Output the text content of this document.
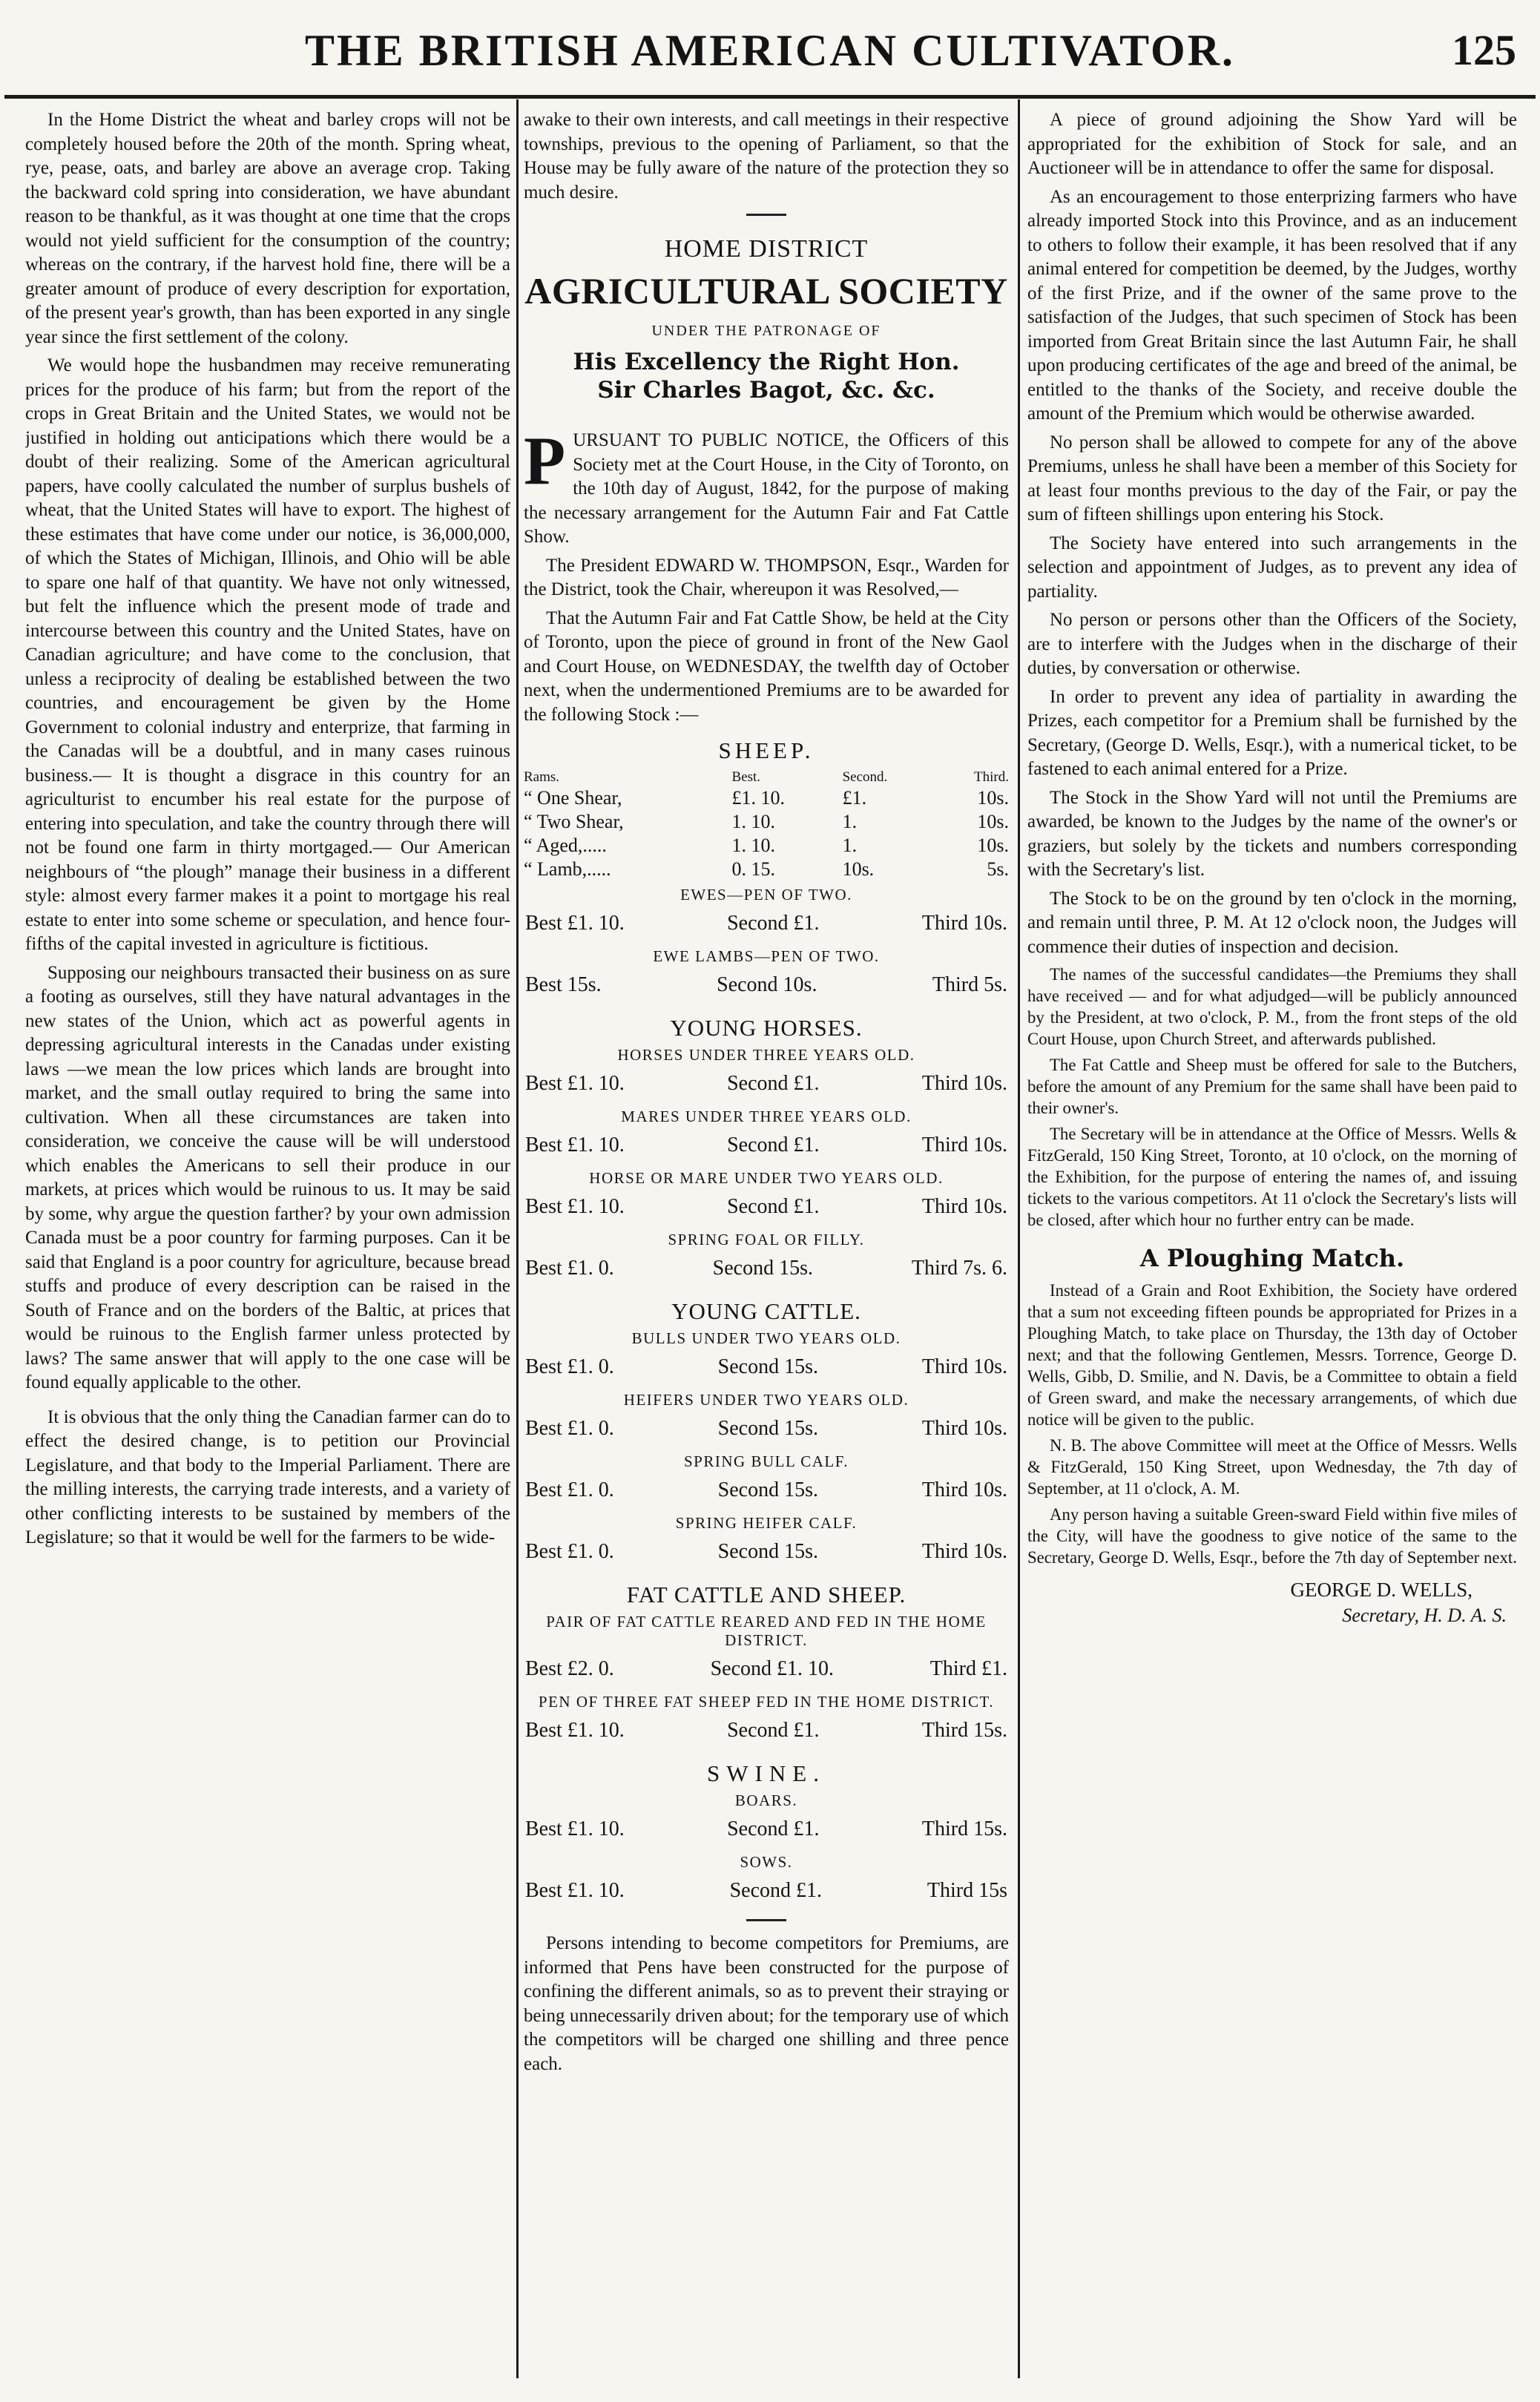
THE BRITISH AMERICAN CULTIVATOR.	125

In the Home District the wheat and barley crops will not be completely housed before the 20th of the month. Spring wheat, rye, pease, oats, and barley are above an average crop. Taking the backward cold spring into consideration, we have abundant reason to be thankful, as it was thought at one time that the crops would not yield sufficient for the consumption of the country; whereas on the contrary, if the harvest hold fine, there will be a greater amount of produce of every description for exportation, of the present year's growth, than has been exported in any single year since the first settlement of the colony.

We would hope the husbandmen may receive remunerating prices for the produce of his farm; but from the report of the crops in Great Britain and the United States, we would not be justified in holding out anticipations which there would be a doubt of their realizing. Some of the American agricultural papers, have coolly calculated the number of surplus bushels of wheat, that the United States will have to export. The highest of these estimates that have come under our notice, is 36,000,000, of which the States of Michigan, Illinois, and Ohio will be able to spare one half of that quantity. We have not only witnessed, but felt the influence which the present mode of trade and intercourse between this country and the United States, have on Canadian agriculture; and have come to the conclusion, that unless a reciprocity of dealing be established between the two countries, and encouragement be given by the Home Government to colonial industry and enterprize, that farming in the Canadas will be a doubtful, and in many cases ruinous business.— It is thought a disgrace in this country for an agriculturist to encumber his real estate for the purpose of entering into speculation, and take the country through there will not be found one farm in thirty mortgaged.— Our American neighbours of “the plough” manage their business in a different style: almost every farmer makes it a point to mortgage his real estate to enter into some scheme or speculation, and hence four-fifths of the capital invested in agriculture is fictitious.

Supposing our neighbours transacted their business on as sure a footing as ourselves, still they have natural advantages in the new states of the Union, which act as powerful agents in depressing agricultural interests in the Canadas under existing laws —we mean the low prices which lands are brought into market, and the small outlay required to bring the same into cultivation. When all these circumstances are taken into consideration, we conceive the cause will be will understood which enables the Americans to sell their produce in our markets, at prices which would be ruinous to us. It may be said by some, why argue the question farther? by your own admission Canada must be a poor country for farming purposes. Can it be said that England is a poor country for agriculture, because bread stuffs and produce of every description can be raised in the South of France and on the borders of the Baltic, at prices that would be ruinous to the English farmer unless protected by laws? The same answer that will apply to the one case will be found equally applicable to the other.

It is obvious that the only thing the Canadian farmer can do to effect the desired change, is to petition our Provincial Legislature, and that body to the Imperial Parliament. There are the milling interests, the carrying trade interests, and a variety of other conflicting interests to be sustained by members of the Legislature; so that it would be well for the farmers to be wide-

awake to their own interests, and call meetings in their respective townships, previous to the opening of Parliament, so that the House may be fully aware of the nature of the protection they so much desire.

HOME DISTRICT
AGRICULTURAL SOCIETY
UNDER THE PATRONAGE OF
His Excellency the Right Hon.
Sir Charles Bagot, &c. &c.

PURSUANT TO PUBLIC NOTICE, the Officers of this Society met at the Court House, in the City of Toronto, on the 10th day of August, 1842, for the purpose of making the necessary arrangement for the Autumn Fair and Fat Cattle Show.

The President EDWARD W. THOMPSON, Esqr., Warden for the District, took the Chair, whereupon it was Resolved,—

That the Autumn Fair and Fat Cattle Show, be held at the City of Toronto, upon the piece of ground in front of the New Gaol and Court House, on WEDNESDAY, the twelfth day of October next, when the undermentioned Premiums are to be awarded for the following Stock :—

SHEEP.
Rams.	Best.	Second.	Third.
“ One Shear,	£1. 10.	£1.	10s.
“ Two Shear,	1. 10.	1.	10s.
“ Aged,.....	1. 10.	1.	10s.
“ Lamb,.....	0. 15.	10s.	5s.
EWES—PEN OF TWO.
Best £1. 10.	Second £1.	Third 10s.
EWE LAMBS—PEN OF TWO.
Best 15s.	Second 10s.	Third 5s.
YOUNG HORSES.
HORSES UNDER THREE YEARS OLD.
Best £1. 10.	Second £1.	Third 10s.
MARES UNDER THREE YEARS OLD.
Best £1. 10.	Second £1.	Third 10s.
HORSE OR MARE UNDER TWO YEARS OLD.
Best £1. 10.	Second £1.	Third 10s.
SPRING FOAL OR FILLY.
Best £1. 0.	Second 15s.	Third 7s. 6.
YOUNG CATTLE.
BULLS UNDER TWO YEARS OLD.
Best £1. 0.	Second 15s.	Third 10s.
HEIFERS UNDER TWO YEARS OLD.
Best £1. 0.	Second 15s.	Third 10s.
SPRING BULL CALF.
Best £1. 0.	Second 15s.	Third 10s.
SPRING HEIFER CALF.
Best £1. 0.	Second 15s.	Third 10s.
FAT CATTLE AND SHEEP.
PAIR OF FAT CATTLE REARED AND FED IN THE HOME DISTRICT.
Best £2. 0.	Second £1. 10.	Third £1.
PEN OF THREE FAT SHEEP FED IN THE HOME DISTRICT.
Best £1. 10.	Second £1.	Third 15s.
SWINE.
BOARS.
Best £1. 10.	Second £1.	Third 15s.
SOWS.
Best £1. 10.	Second £1.	Third 15s

Persons intending to become competitors for Premiums, are informed that Pens have been constructed for the purpose of confining the different animals, so as to prevent their straying or being unnecessarily driven about; for the temporary use of which the competitors will be charged one shilling and three pence each.

A piece of ground adjoining the Show Yard will be appropriated for the exhibition of Stock for sale, and an Auctioneer will be in attendance to offer the same for disposal.

As an encouragement to those enterprizing farmers who have already imported Stock into this Province, and as an inducement to others to follow their example, it has been resolved that if any animal entered for competition be deemed, by the Judges, worthy of the first Prize, and if the owner of the same prove to the satisfaction of the Judges, that such specimen of Stock has been imported from Great Britain since the last Autumn Fair, he shall upon producing certificates of the age and breed of the animal, be entitled to the thanks of the Society, and receive double the amount of the Premium which would be otherwise awarded.

No person shall be allowed to compete for any of the above Premiums, unless he shall have been a member of this Society for at least four months previous to the day of the Fair, or pay the sum of fifteen shillings upon entering his Stock.

The Society have entered into such arrangements in the selection and appointment of Judges, as to prevent any idea of partiality.

No person or persons other than the Officers of the Society, are to interfere with the Judges when in the discharge of their duties, by conversation or otherwise.

In order to prevent any idea of partiality in awarding the Prizes, each competitor for a Premium shall be furnished by the Secretary, (George D. Wells, Esqr.), with a numerical ticket, to be fastened to each animal entered for a Prize.

The Stock in the Show Yard will not until the Premiums are awarded, be known to the Judges by the name of the owner's or graziers, but solely by the tickets and numbers corresponding with the Secretary's list.

The Stock to be on the ground by ten o'clock in the morning, and remain until three, P. M. At 12 o'clock noon, the Judges will commence their duties of inspection and decision.

The names of the successful candidates—the Premiums they shall have received — and for what adjudged—will be publicly announced by the President, at two o'clock, P. M., from the front steps of the old Court House, upon Church Street, and afterwards published.

The Fat Cattle and Sheep must be offered for sale to the Butchers, before the amount of any Premium for the same shall have been paid to their owner's.

The Secretary will be in attendance at the Office of Messrs. Wells & FitzGerald, 150 King Street, Toronto, at 10 o'clock, on the morning of the Exhibition, for the purpose of entering the names of, and issuing tickets to the various competitors. At 11 o'clock the Secretary's lists will be closed, after which hour no further entry can be made.

A Ploughing Match.

Instead of a Grain and Root Exhibition, the Society have ordered that a sum not exceeding fifteen pounds be appropriated for Prizes in a Ploughing Match, to take place on Thursday, the 13th day of October next; and that the following Gentlemen, Messrs. Torrence, George D. Wells, Gibb, D. Smilie, and N. Davis, be a Committee to obtain a field of Green sward, and make the necessary arrangements, of which due notice will be given to the public.

N. B. The above Committee will meet at the Office of Messrs. Wells & FitzGerald, 150 King Street, upon Wednesday, the 7th day of September, at 11 o'clock, A. M.

Any person having a suitable Green-sward Field within five miles of the City, will have the goodness to give notice of the same to the Secretary, George D. Wells, Esqr., before the 7th day of September next.

GEORGE D. WELLS,
Secretary, H. D. A. S.
